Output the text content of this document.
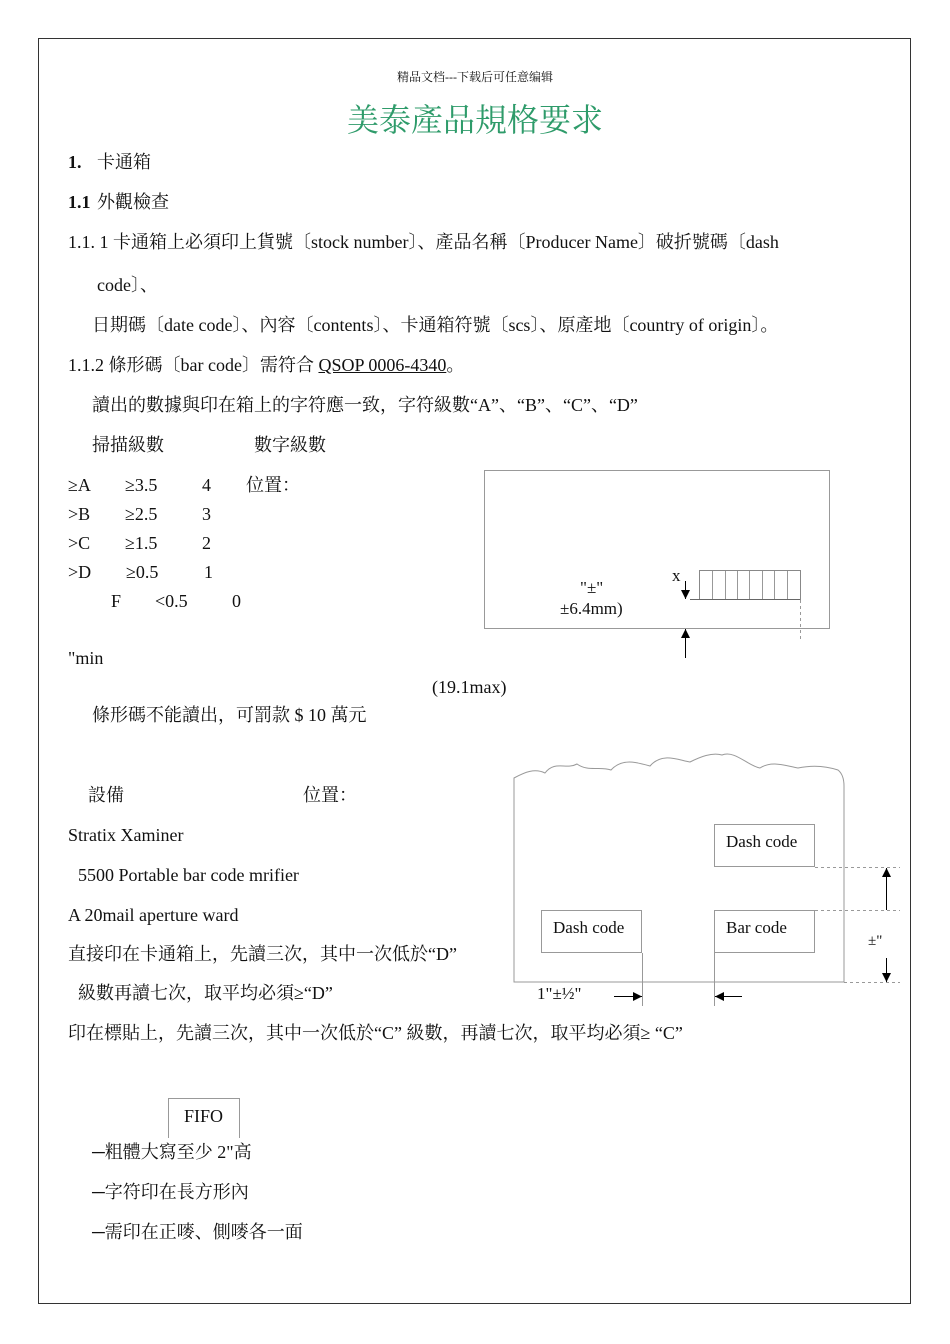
精品文档---下载后可任意编辑
美泰產品規格要求
1. 卡通箱
1.1 外觀檢查
1.1. 1 卡通箱上必須印上貨號〔stock number〕、產品名稱〔Producer Name〕破折號碼〔dash
code〕、
日期碼〔date code〕、內容〔contents〕、卡通箱符號〔scs〕、原產地〔country of origin〕。
1.1.2 條形碼〔bar code〕需符合 QSOP 0006-4340。
讀出的數據與印在箱上的字符應一致，字符級數“A”、“B”、“C”、“D”
掃描級數	數字級數
≥A ≥3.5 4 位置：
>B ≥2.5 3
>C ≥1.5 2
>D ≥0.5	1
F <0.5 0
x
"±"
±6.4mm)
"min
(19.1max)
條形碼不能讀出，可罰款 $ 10 萬元
設備	位置：
Stratix Xaminer
5500 Portable bar code mrifier
A 20mail aperture ward
直接印在卡通箱上，先讀三次，其中一次低於“D”
級數再讀七次，取平均必須≥“D”
印在標貼上，先讀三次，其中一次低於“C” 級數，再讀七次，取平均必須≥ “C”
Dash code
Dash code	Bar code
±"
1"±½"
FIFO
─粗體大寫至少 2"高
─字符印在長方形內
─需印在正嘜、側嘜各一面
